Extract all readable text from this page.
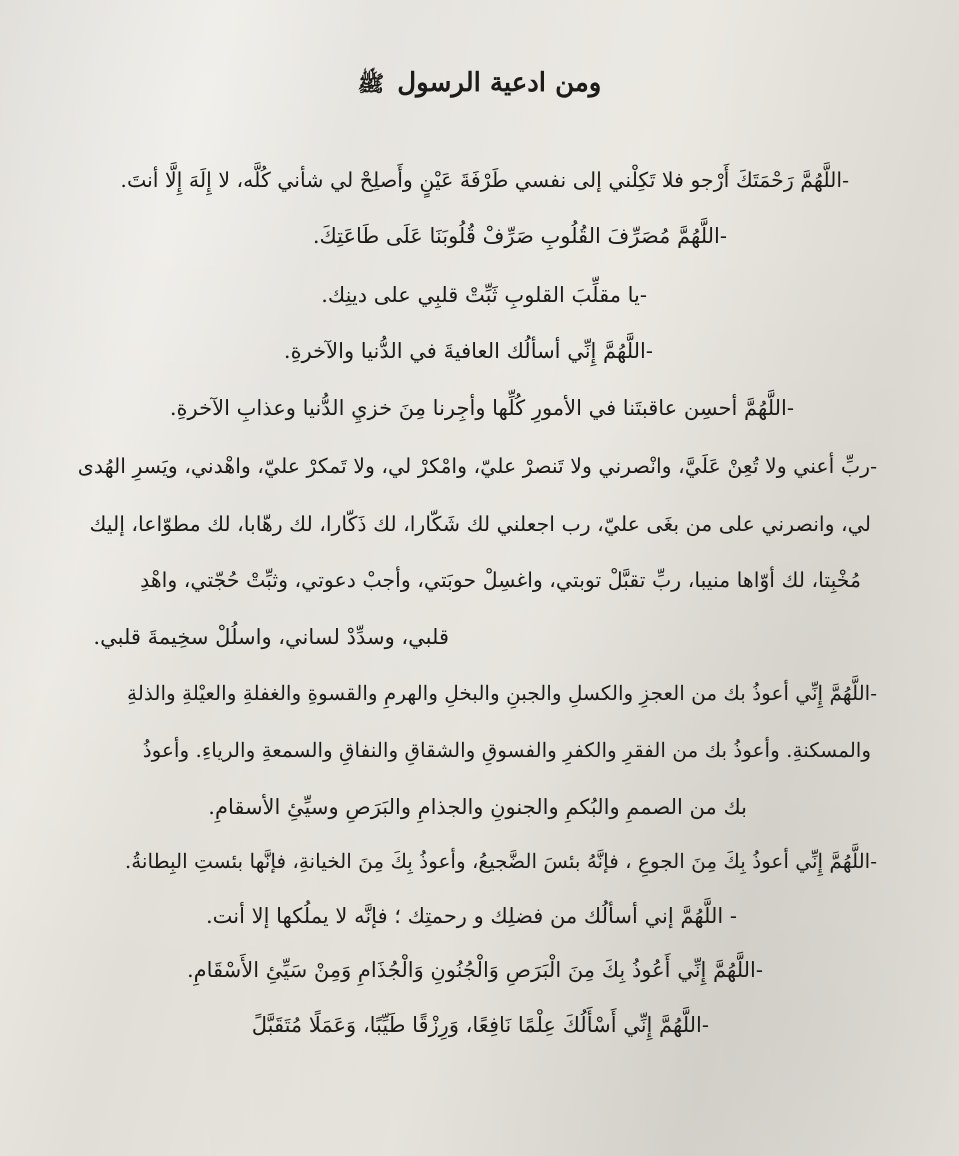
ومن ادعية الرسول ﷺ
-اللَّهُمَّ رَحْمَتَكَ أَرْجو فلا تَكِلْني إلى نفسي طَرْفَةَ عَيْنٍ وأَصلِحْ لي شأني كُلَّه، لا إِلَهَ إِلَّا أنتَ.
-اللَّهُمَّ مُصَرِّفَ القُلُوبِ صَرِّفْ قُلُوبَنَا عَلَى طَاعَتِكَ.
-يا مقلِّبَ القلوبِ ثَبِّتْ قلبِي على دينِك.
-اللَّهُمَّ إِنِّي أسألُك العافيةَ في الدُّنيا والآخرةِ.
-اللَّهُمَّ أحسِن عاقبتَنا في الأمورِ كُلِّها وأجِرنا مِنَ خزيِ الدُّنيا وعذابِ الآخرةِ.
-ربِّ أعني ولا تُعِنْ عَلَيَّ، وانْصرني ولا تَنصرْ عليّ، وامْكرْ لي، ولا تَمكرْ عليّ، واهْدني، ويَسرِ الهُدى
لي، وانصرني على من بغَى عليّ، رب اجعلني لك شَكّارا، لك ذَكّارا، لك رهّابا، لك مطوّاعا، إليك
مُخْبِتا، لك أوّاها منيبا، ربِّ تقبَّلْ توبتي، واغسِلْ حوبَتي، وأجبْ دعوتي، وثبِّتْ حُجّتي، واهْدِ
قلبي، وسدِّدْ لساني، واسلُلْ سخِيمةَ قلبي.
-اللَّهُمَّ إِنِّي أعوذُ بك من العجزِ والكسلِ والجبنِ والبخلِ والهرمِ والقسوةِ والغفلةِ والعيْلةِ والذلةِ
والمسكنةِ. وأعوذُ بك من الفقرِ والكفرِ والفسوقِ والشقاقِ والنفاقِ والسمعةِ والرياءِ. وأعوذُ
بك من الصممِ والبُكمِ والجنونِ والجذامِ والبَرَصِ وسيِّئِ الأسقامِ.
-اللَّهُمَّ إِنِّي أعوذُ بِكَ مِنَ الجوعِ ، فإنَّهُ بئسَ الضَّجيعُ، وأعوذُ بِكَ مِنَ الخيانةِ، فإنَّها بئستِ البِطانةُ.
- اللَّهُمَّ إني أسألُك من فضلِك و رحمتِك ؛ فإنَّه لا يملُكها إلا أنت.
-اللَّهُمَّ إِنِّي أَعُوذُ بِكَ مِنَ الْبَرَصِ وَالْجُنُونِ وَالْجُذَامِ وَمِنْ سَيِّئِ الأَسْقَامِ.
-اللَّهُمَّ إِنِّي أَسْأَلُكَ عِلْمًا نَافِعًا، وَرِزْقًا طَيِّبًا، وَعَمَلًا مُتَقَبَّلً
